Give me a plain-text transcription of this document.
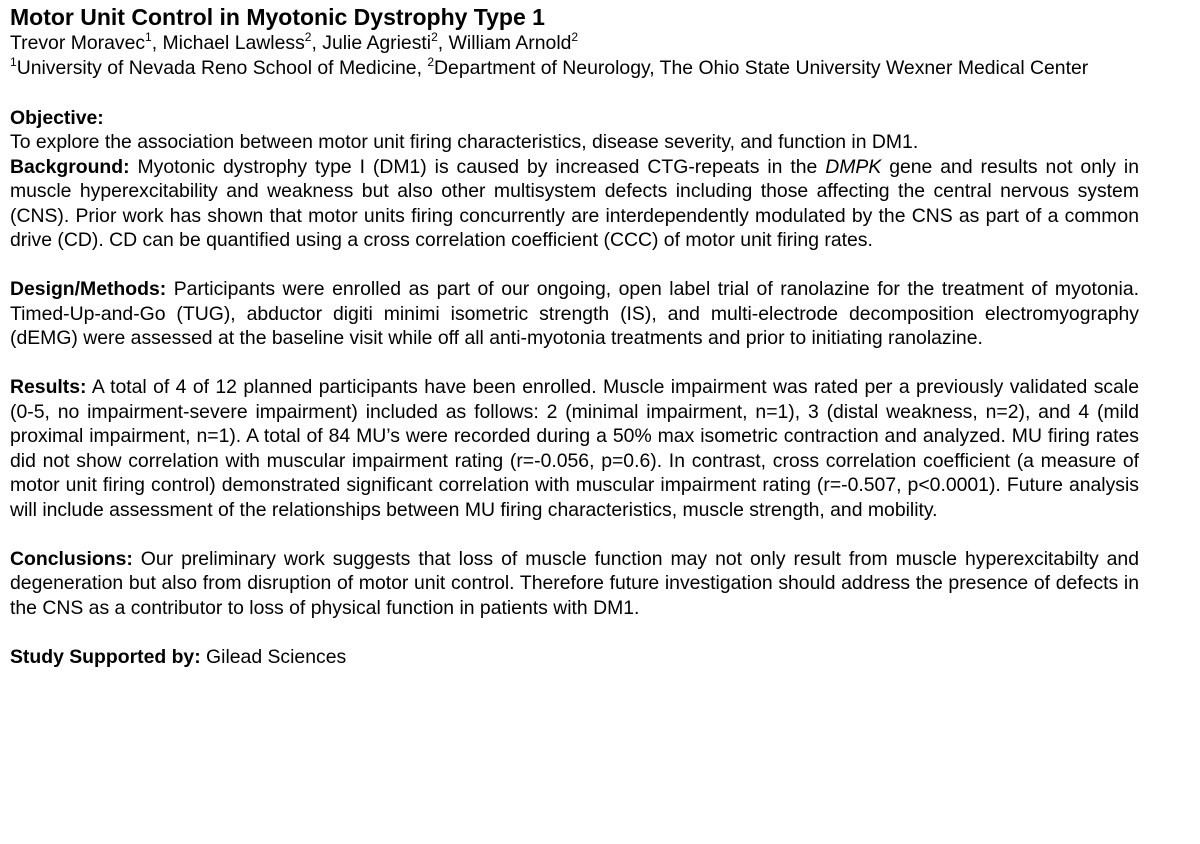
Motor Unit Control in Myotonic Dystrophy Type 1

Trevor Moravec$^1$, Michael Lawless$^2$, Julie Agriesti$^2$, William Arnold$^2$

$^1$University of Nevada Reno School of Medicine, $^2$Department of Neurology, The Ohio State University Wexner Medical Center

Objective:
To explore the association between motor unit firing characteristics, disease severity, and function in DM1.

Background: Myotonic dystrophy type I (DM1) is caused by increased CTG-repeats in the DMPK gene and results not only in muscle hyperexcitability and weakness but also other multisystem defects including those affecting the central nervous system (CNS). Prior work has shown that motor units firing concurrently are interdependently modulated by the CNS as part of a common drive (CD). CD can be quantified using a cross correlation coefficient (CCC) of motor unit firing rates.

Design/Methods: Participants were enrolled as part of our ongoing, open label trial of ranolazine for the treatment of myotonia. Timed-Up-and-Go (TUG), abductor digiti minimi isometric strength (IS), and multi-electrode decomposition electromyography (dEMG) were assessed at the baseline visit while off all anti-myotonia treatments and prior to initiating ranolazine.

Results: A total of 4 of 12 planned participants have been enrolled. Muscle impairment was rated per a previously validated scale (0-5, no impairment-severe impairment) included as follows: 2 (minimal impairment, n=1), 3 (distal weakness, n=2), and 4 (mild proximal impairment, n=1). A total of 84 MU’s were recorded during a 50% max isometric contraction and analyzed. MU firing rates did not show correlation with muscular impairment rating (r=-0.056, p=0.6). In contrast, cross correlation coefficient (a measure of motor unit firing control) demonstrated significant correlation with muscular impairment rating (r=-0.507, p<0.0001). Future analysis will include assessment of the relationships between MU firing characteristics, muscle strength, and mobility.

Conclusions: Our preliminary work suggests that loss of muscle function may not only result from muscle hyperexcitabilty and degeneration but also from disruption of motor unit control. Therefore future investigation should address the presence of defects in the CNS as a contributor to loss of physical function in patients with DM1.

Study Supported by: Gilead Sciences
